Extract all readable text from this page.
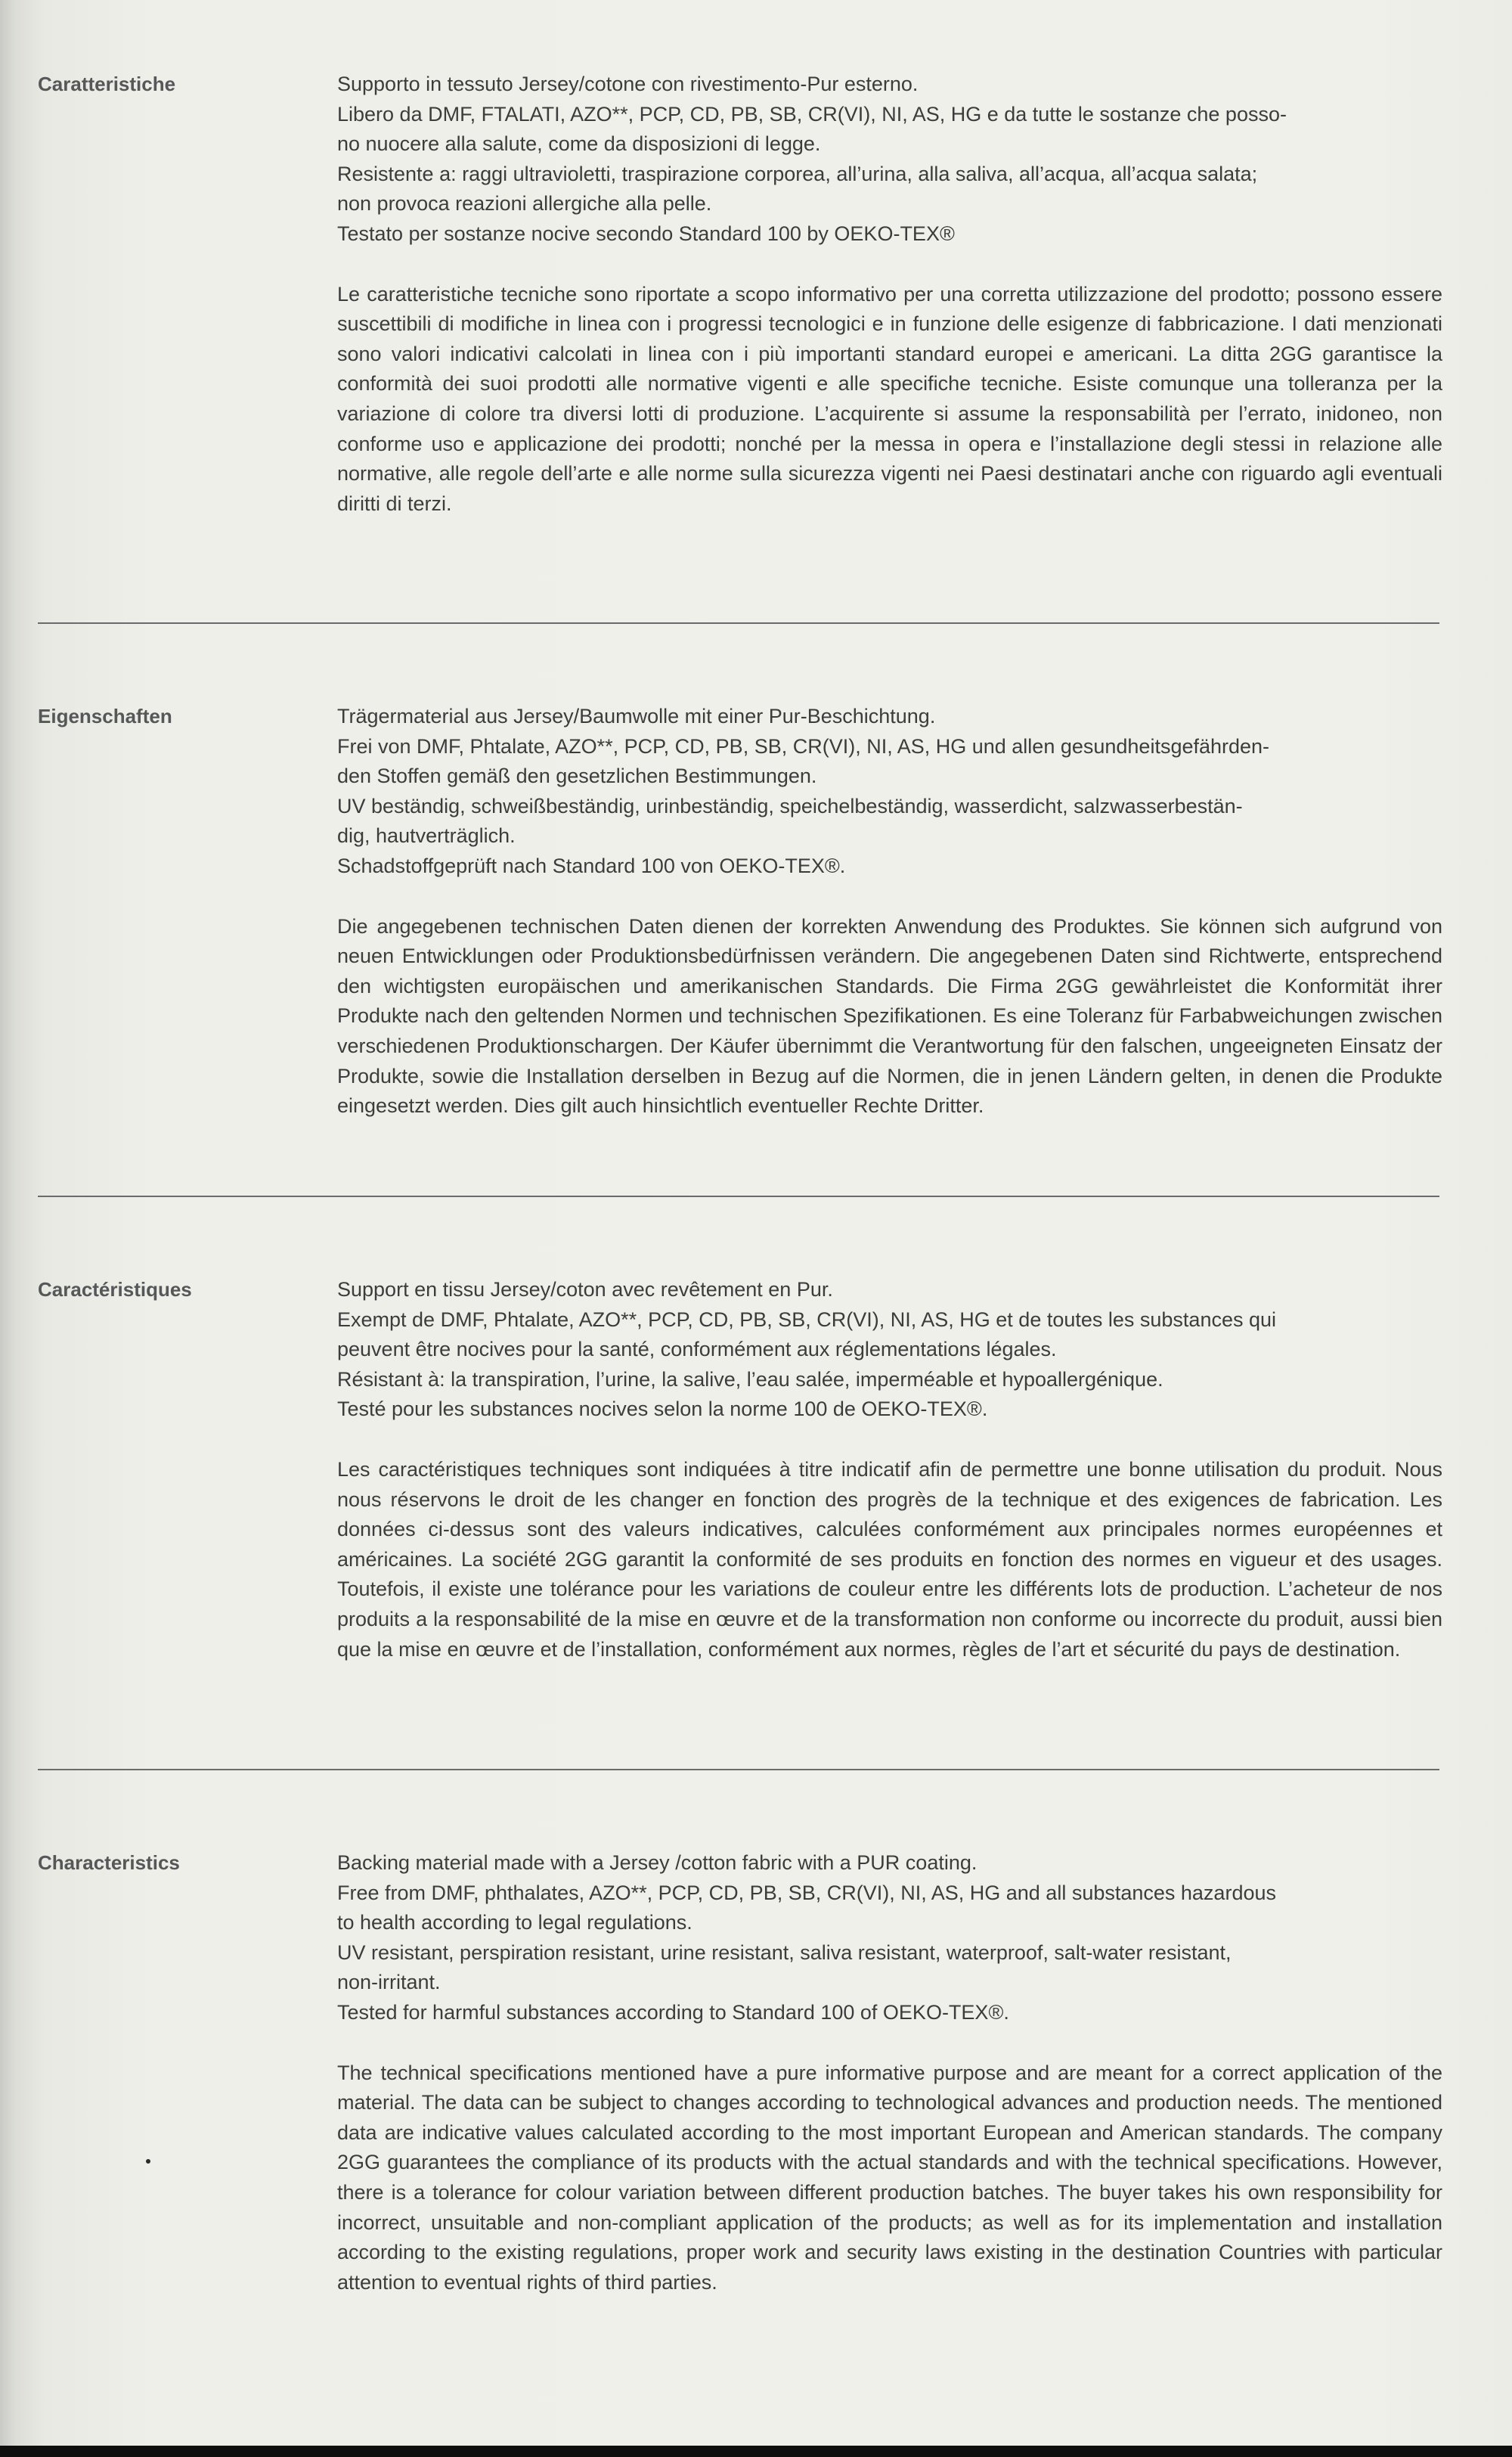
Caratteristiche	Supporto in tessuto Jersey/cotone con rivestimento-Pur esterno.
Libero da DMF, FTALATI, AZO**, PCP, CD, PB, SB, CR(VI), NI, AS, HG e da tutte le sostanze che posso-
no nuocere alla salute, come da disposizioni di legge.
Resistente a: raggi ultravioletti, traspirazione corporea, all’urina, alla saliva, all’acqua, all’acqua salata;
non provoca reazioni allergiche alla pelle.
Testato per sostanze nocive secondo Standard 100 by OEKO-TEX®

Le caratteristiche tecniche sono riportate a scopo informativo per una corretta utilizzazione del prodotto; possono essere suscettibili di modifiche in linea con i progressi tecnologici e in funzione delle esigenze di fabbricazione. I dati menzionati sono valori indicativi calcolati in linea con i più importanti standard europei e americani. La ditta 2GG garantisce la conformità dei suoi prodotti alle normative vigenti e alle specifiche tecniche. Esiste comunque una tolleranza per la variazione di colore tra diversi lotti di produzione. L’acquirente si assume la responsabilità per l’errato, inidoneo, non conforme uso e applicazione dei prodotti; nonché per la messa in opera e l’installazione degli stessi in relazione alle normative, alle regole dell’arte e alle norme sulla sicurezza vigenti nei Paesi destinatari anche con riguardo agli eventuali diritti di terzi.

Eigenschaften	Trägermaterial aus Jersey/Baumwolle mit einer Pur-Beschichtung.
Frei von DMF, Phtalate, AZO**, PCP, CD, PB, SB, CR(VI), NI, AS, HG und allen gesundheitsgefährden-
den Stoffen gemäß den gesetzlichen Bestimmungen.
UV beständig, schweißbeständig, urinbeständig, speichelbeständig, wasserdicht, salzwasserbestän-
dig, hautverträglich.
Schadstoffgeprüft nach Standard 100 von OEKO-TEX®.

Die angegebenen technischen Daten dienen der korrekten Anwendung des Produktes. Sie können sich aufgrund von neuen Entwicklungen oder Produktionsbedürfnissen verändern. Die angegebenen Daten sind Richtwerte, entsprechend den wichtigsten europäischen und amerikanischen Standards. Die Firma 2GG gewährleistet die Konformität ihrer Produkte nach den geltenden Normen und technischen Spezifikationen. Es eine Toleranz für Farbabweichungen zwischen verschiedenen Produktionschargen. Der Käufer übernimmt die Verantwortung für den falschen, ungeeigneten Einsatz der Produkte, sowie die Installation derselben in Bezug auf die Normen, die in jenen Ländern gelten, in denen die Produkte eingesetzt werden. Dies gilt auch hinsichtlich eventueller Rechte Dritter.

Caractéristiques	Support en tissu Jersey/coton avec revêtement en Pur.
Exempt de DMF, Phtalate, AZO**, PCP, CD, PB, SB, CR(VI), NI, AS, HG et de toutes les substances qui
peuvent être nocives pour la santé, conformément aux réglementations légales.
Résistant à: la transpiration, l’urine, la salive, l’eau salée, imperméable et hypoallergénique.
Testé pour les substances nocives selon la norme 100 de OEKO-TEX®.

Les caractéristiques techniques sont indiquées à titre indicatif afin de permettre une bonne utilisation du produit. Nous nous réservons le droit de les changer en fonction des progrès de la technique et des exigences de fabrication. Les données ci-dessus sont des valeurs indicatives, calculées conformément aux principales normes européennes et américaines. La société 2GG garantit la conformité de ses produits en fonction des normes en vigueur et des usages. Toutefois, il existe une tolérance pour les variations de couleur entre les différents lots de production. L’acheteur de nos produits a la responsabilité de la mise en œuvre et de la transformation non conforme ou incorrecte du produit, aussi bien que la mise en œuvre et de l’installation, conformément aux normes, règles de l’art et sécurité du pays de destination.

Characteristics	Backing material made with a Jersey /cotton fabric with a PUR coating.
Free from DMF, phthalates, AZO**, PCP, CD, PB, SB, CR(VI), NI, AS, HG and all substances hazardous
to health according to legal regulations.
UV resistant, perspiration resistant, urine resistant, saliva resistant, waterproof, salt-water resistant,
non-irritant.
Tested for harmful substances according to Standard 100 of OEKO-TEX®.

The technical specifications mentioned have a pure informative purpose and are meant for a correct application of the material. The data can be subject to changes according to technological advances and production needs. The mentioned data are indicative values calculated according to the most important European and American standards. The company 2GG guarantees the compliance of its products with the actual standards and with the technical specifications. However, there is a tolerance for colour variation between different production batches. The buyer takes his own responsibility for incorrect, unsuitable and non-compliant application of the products; as well as for its implementation and installation according to the existing regulations, proper work and security laws existing in the destination Countries with particular attention to eventual rights of third parties.
